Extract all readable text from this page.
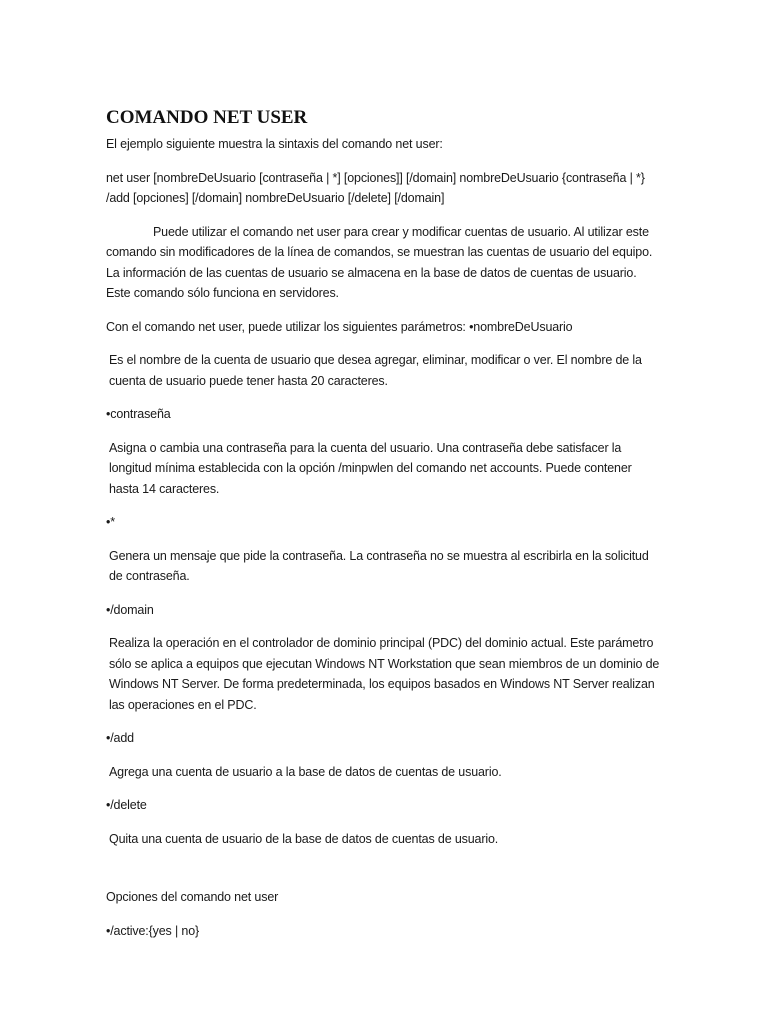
COMANDO NET USER

El ejemplo siguiente muestra la sintaxis del comando net user:

net user [nombreDeUsuario [contraseña | *] [opciones]] [/domain] nombreDeUsuario {contraseña | *} /add [opciones] [/domain] nombreDeUsuario [/delete] [/domain]

Puede utilizar el comando net user para crear y modificar cuentas de usuario. Al utilizar este comando sin modificadores de la línea de comandos, se muestran las cuentas de usuario del equipo. La información de las cuentas de usuario se almacena en la base de datos de cuentas de usuario. Este comando sólo funciona en servidores.

Con el comando net user, puede utilizar los siguientes parámetros: •nombreDeUsuario

Es el nombre de la cuenta de usuario que desea agregar, eliminar, modificar o ver. El nombre de la cuenta de usuario puede tener hasta 20 caracteres.

•contraseña

Asigna o cambia una contraseña para la cuenta del usuario. Una contraseña debe satisfacer la longitud mínima establecida con la opción /minpwlen del comando net accounts. Puede contener hasta 14 caracteres.

•*

Genera un mensaje que pide la contraseña. La contraseña no se muestra al escribirla en la solicitud de contraseña.

•/domain

Realiza la operación en el controlador de dominio principal (PDC) del dominio actual. Este parámetro sólo se aplica a equipos que ejecutan Windows NT Workstation que sean miembros de un dominio de Windows NT Server. De forma predeterminada, los equipos basados en Windows NT Server realizan las operaciones en el PDC.

•/add

Agrega una cuenta de usuario a la base de datos de cuentas de usuario.

•/delete

Quita una cuenta de usuario de la base de datos de cuentas de usuario.

Opciones del comando net user

•/active:{yes | no}
